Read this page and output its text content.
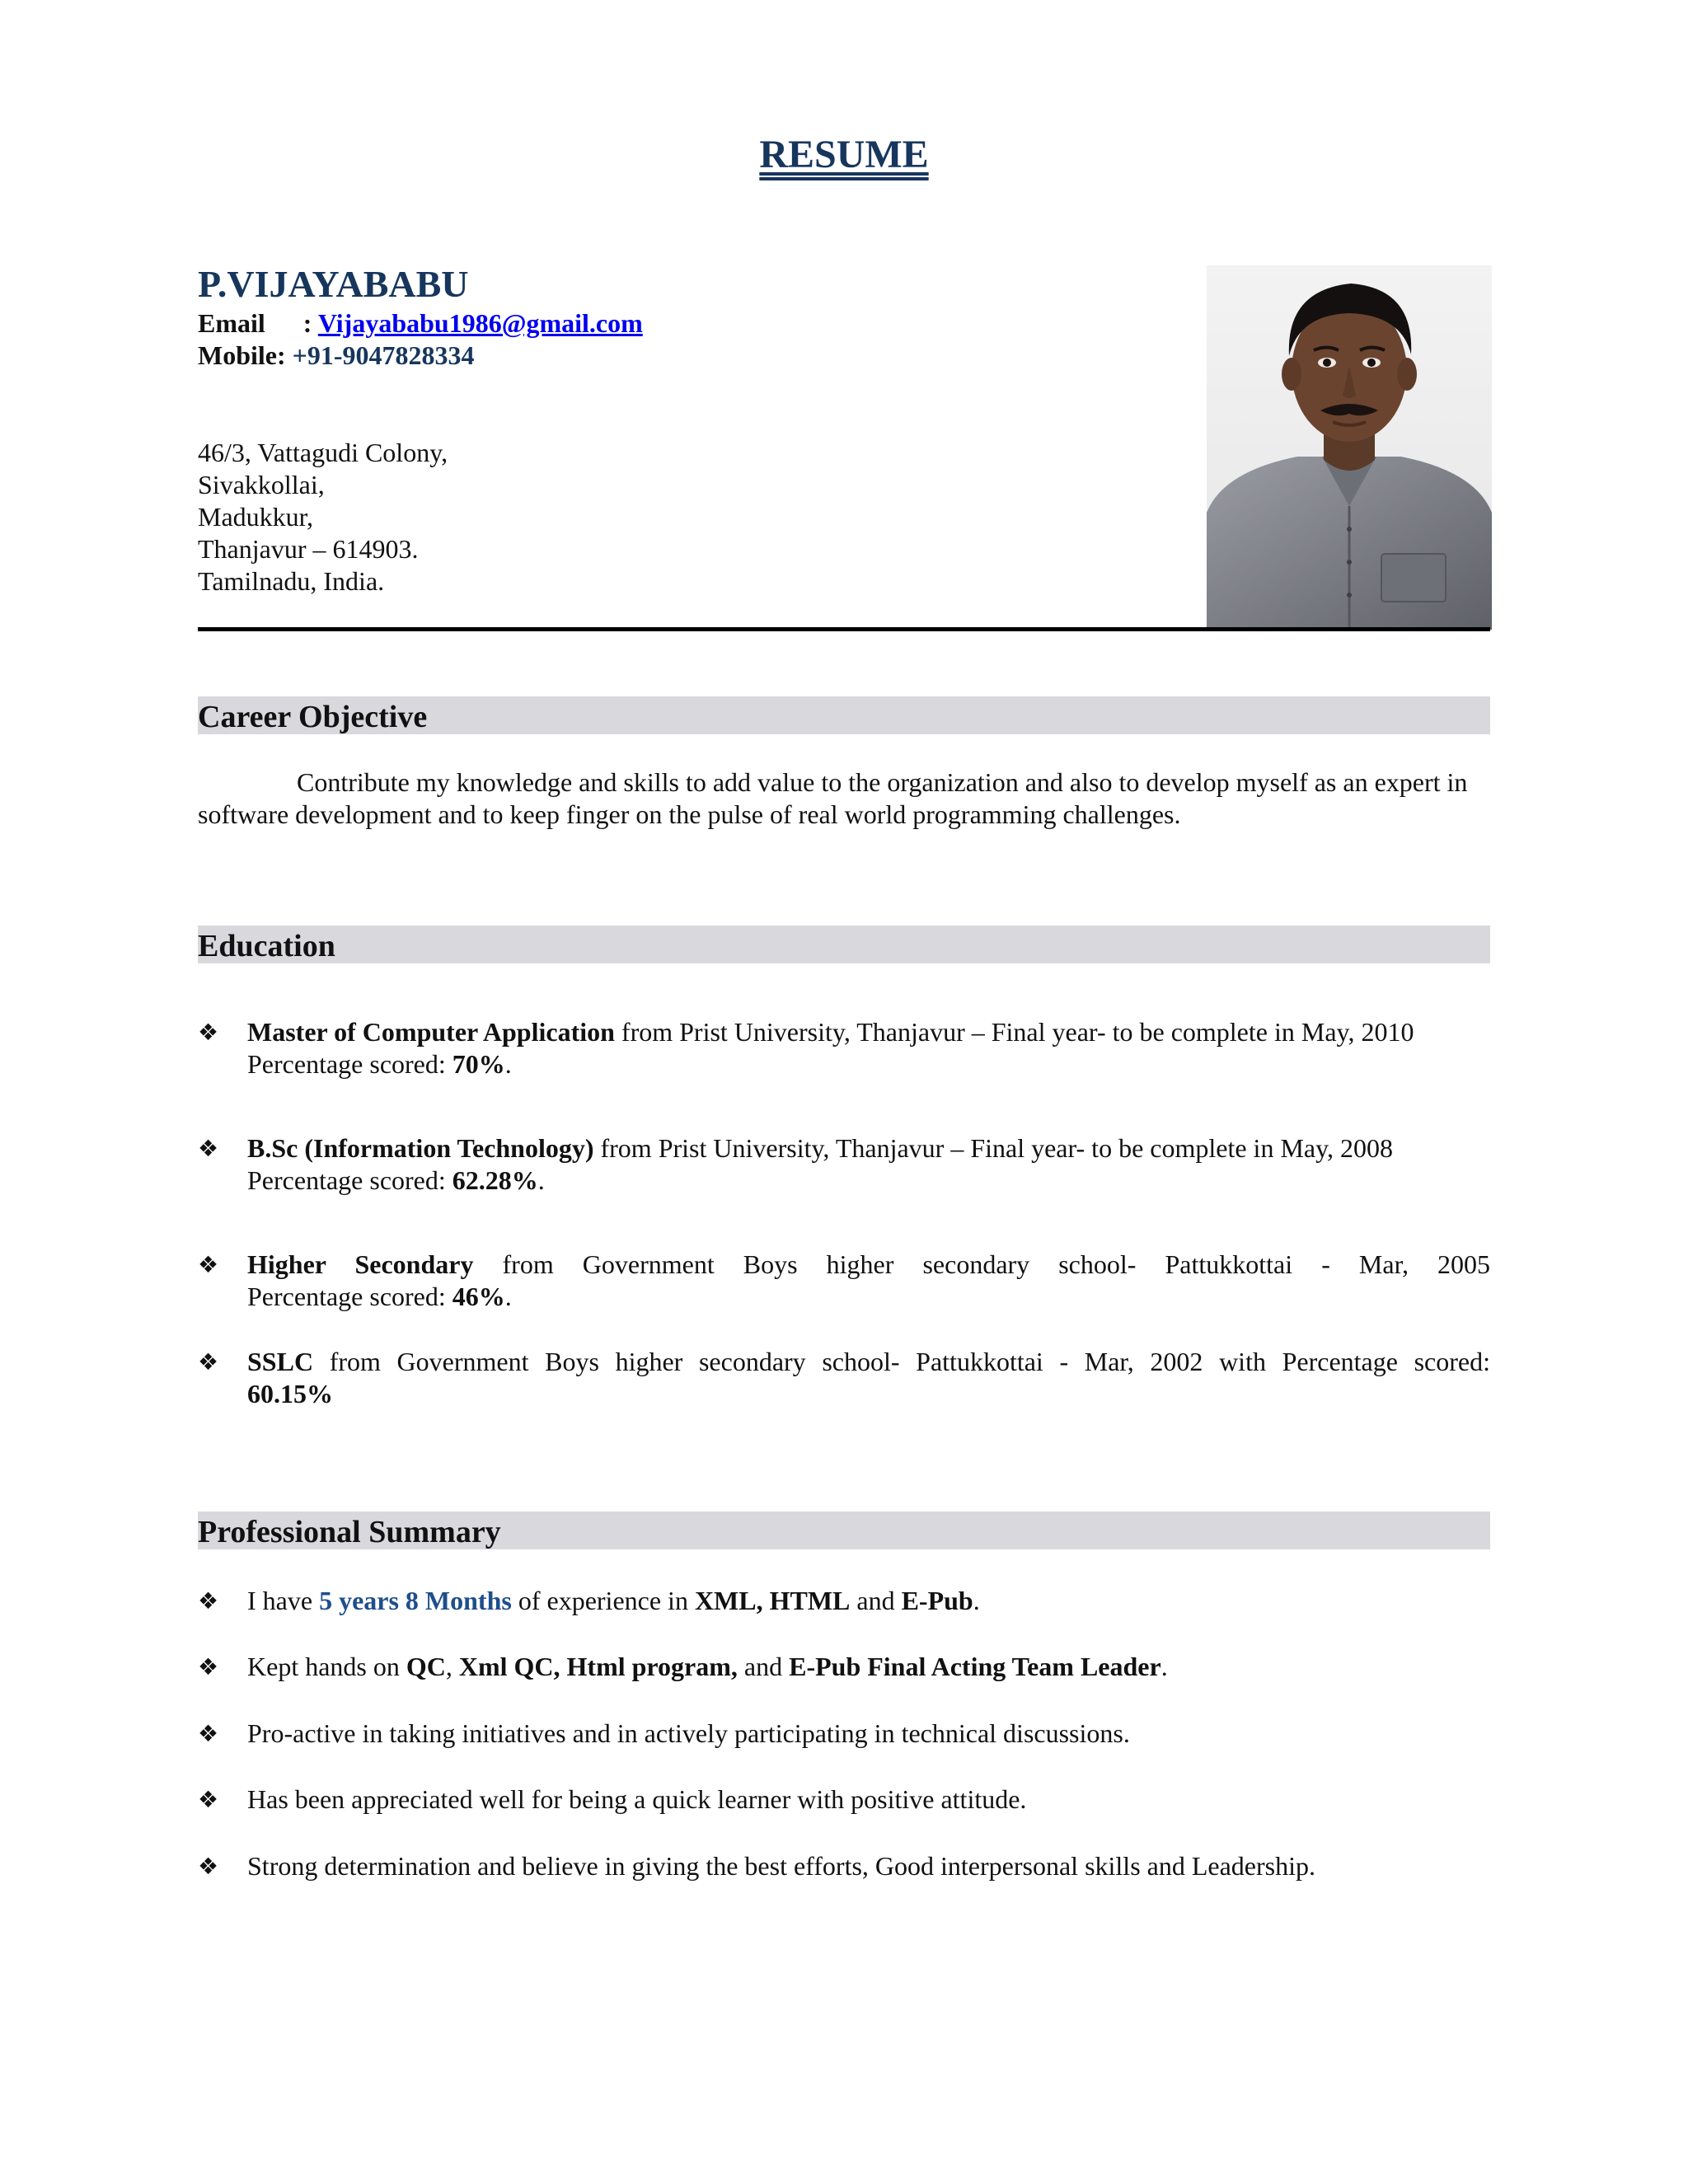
RESUME
P.VIJAYABABU
Email : Vijayababu1986@gmail.com
Mobile: +91-9047828334
46/3, Vattagudi Colony,
Sivakkollai,
Madukkur,
Thanjavur – 614903.
Tamilnadu, India.
Career Objective

Contribute my knowledge and skills to add value to the organization and also to develop myself as an expert in software development and to keep finger on the pulse of real world programming challenges.

Education
❖ Master of Computer Application from Prist University, Thanjavur – Final year- to be complete in May, 2010
Percentage scored: 70%.
❖ B.Sc (Information Technology) from Prist University, Thanjavur – Final year- to be complete in May, 2008
Percentage scored: 62.28%.
❖ Higher Secondary from Government Boys higher secondary school- Pattukkottai - Mar, 2005
Percentage scored: 46%.
❖ SSLC from Government Boys higher secondary school- Pattukkottai - Mar, 2002 with Percentage scored:
60.15%
Professional Summary
❖ I have 5 years 8 Months of experience in XML, HTML and E-Pub.
❖ Kept hands on QC, Xml QC, Html program, and E-Pub Final Acting Team Leader.
❖ Pro-active in taking initiatives and in actively participating in technical discussions.
❖ Has been appreciated well for being a quick learner with positive attitude.
❖ Strong determination and believe in giving the best efforts, Good interpersonal skills and Leadership.
